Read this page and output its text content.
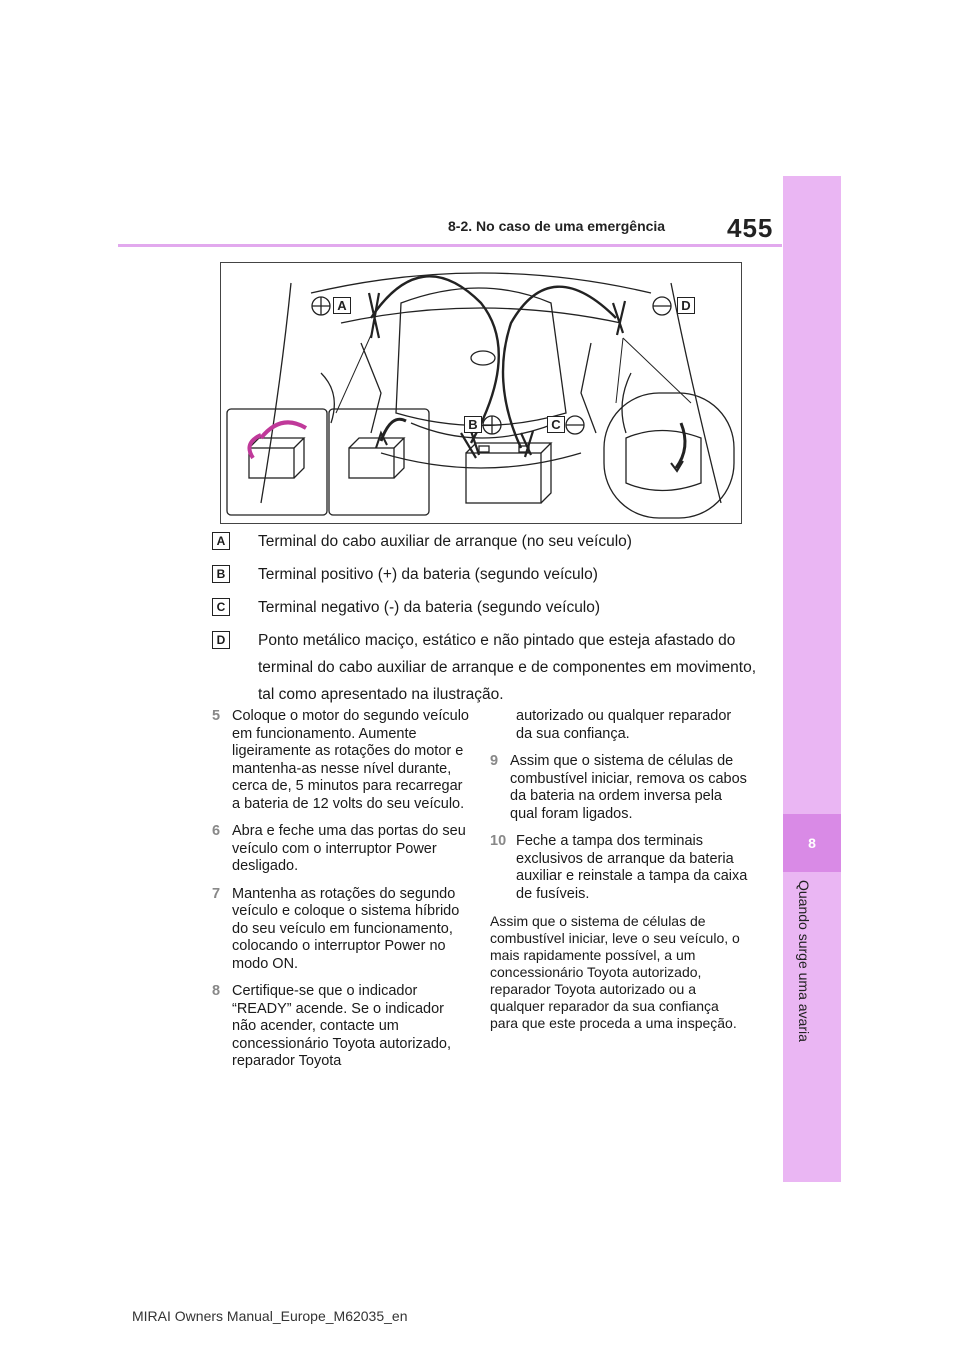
455
8-2. No caso de uma emergência
8
Quando surge uma avaria
A
B	C
D
A	Terminal do cabo auxiliar de arranque (no seu veículo)
B	Terminal positivo (+) da bateria (segundo veículo)
C	Terminal negativo (-) da bateria (segundo veículo)
D	Ponto metálico maciço, estático e não pintado que esteja afastado do terminal do cabo auxiliar de arranque e de componentes em movimento, tal como apresentado na ilustração.
5 Coloque o motor do segundo veículo em funcionamento. Aumente ligeiramente as rotações do motor e mantenha-as nesse nível durante, cerca de, 5 minutos para recarregar a bateria de 12 volts do seu veículo.
6 Abra e feche uma das portas do seu veículo com o interruptor Power desligado.
7 Mantenha as rotações do segundo veículo e coloque o sistema híbrido do seu veículo em funcionamento, colocando o interruptor Power no modo ON.
8 Certifique-se que o indicador “READY” acende. Se o indicador não acender, contacte um concessionário Toyota autorizado, reparador Toyota
autorizado ou qualquer reparador da sua confiança.
9 Assim que o sistema de células de combustível iniciar, remova os cabos da bateria na ordem inversa pela qual foram ligados.
10 Feche a tampa dos terminais exclusivos de arranque da bateria auxiliar e reinstale a tampa da caixa de fusíveis.
Assim que o sistema de células de combustível iniciar, leve o seu veículo, o mais rapidamente possível, a um concessionário Toyota autorizado, reparador Toyota autorizado ou a qualquer reparador da sua confiança para que este proceda a uma inspeção.
MIRAI Owners Manual_Europe_M62035_en
